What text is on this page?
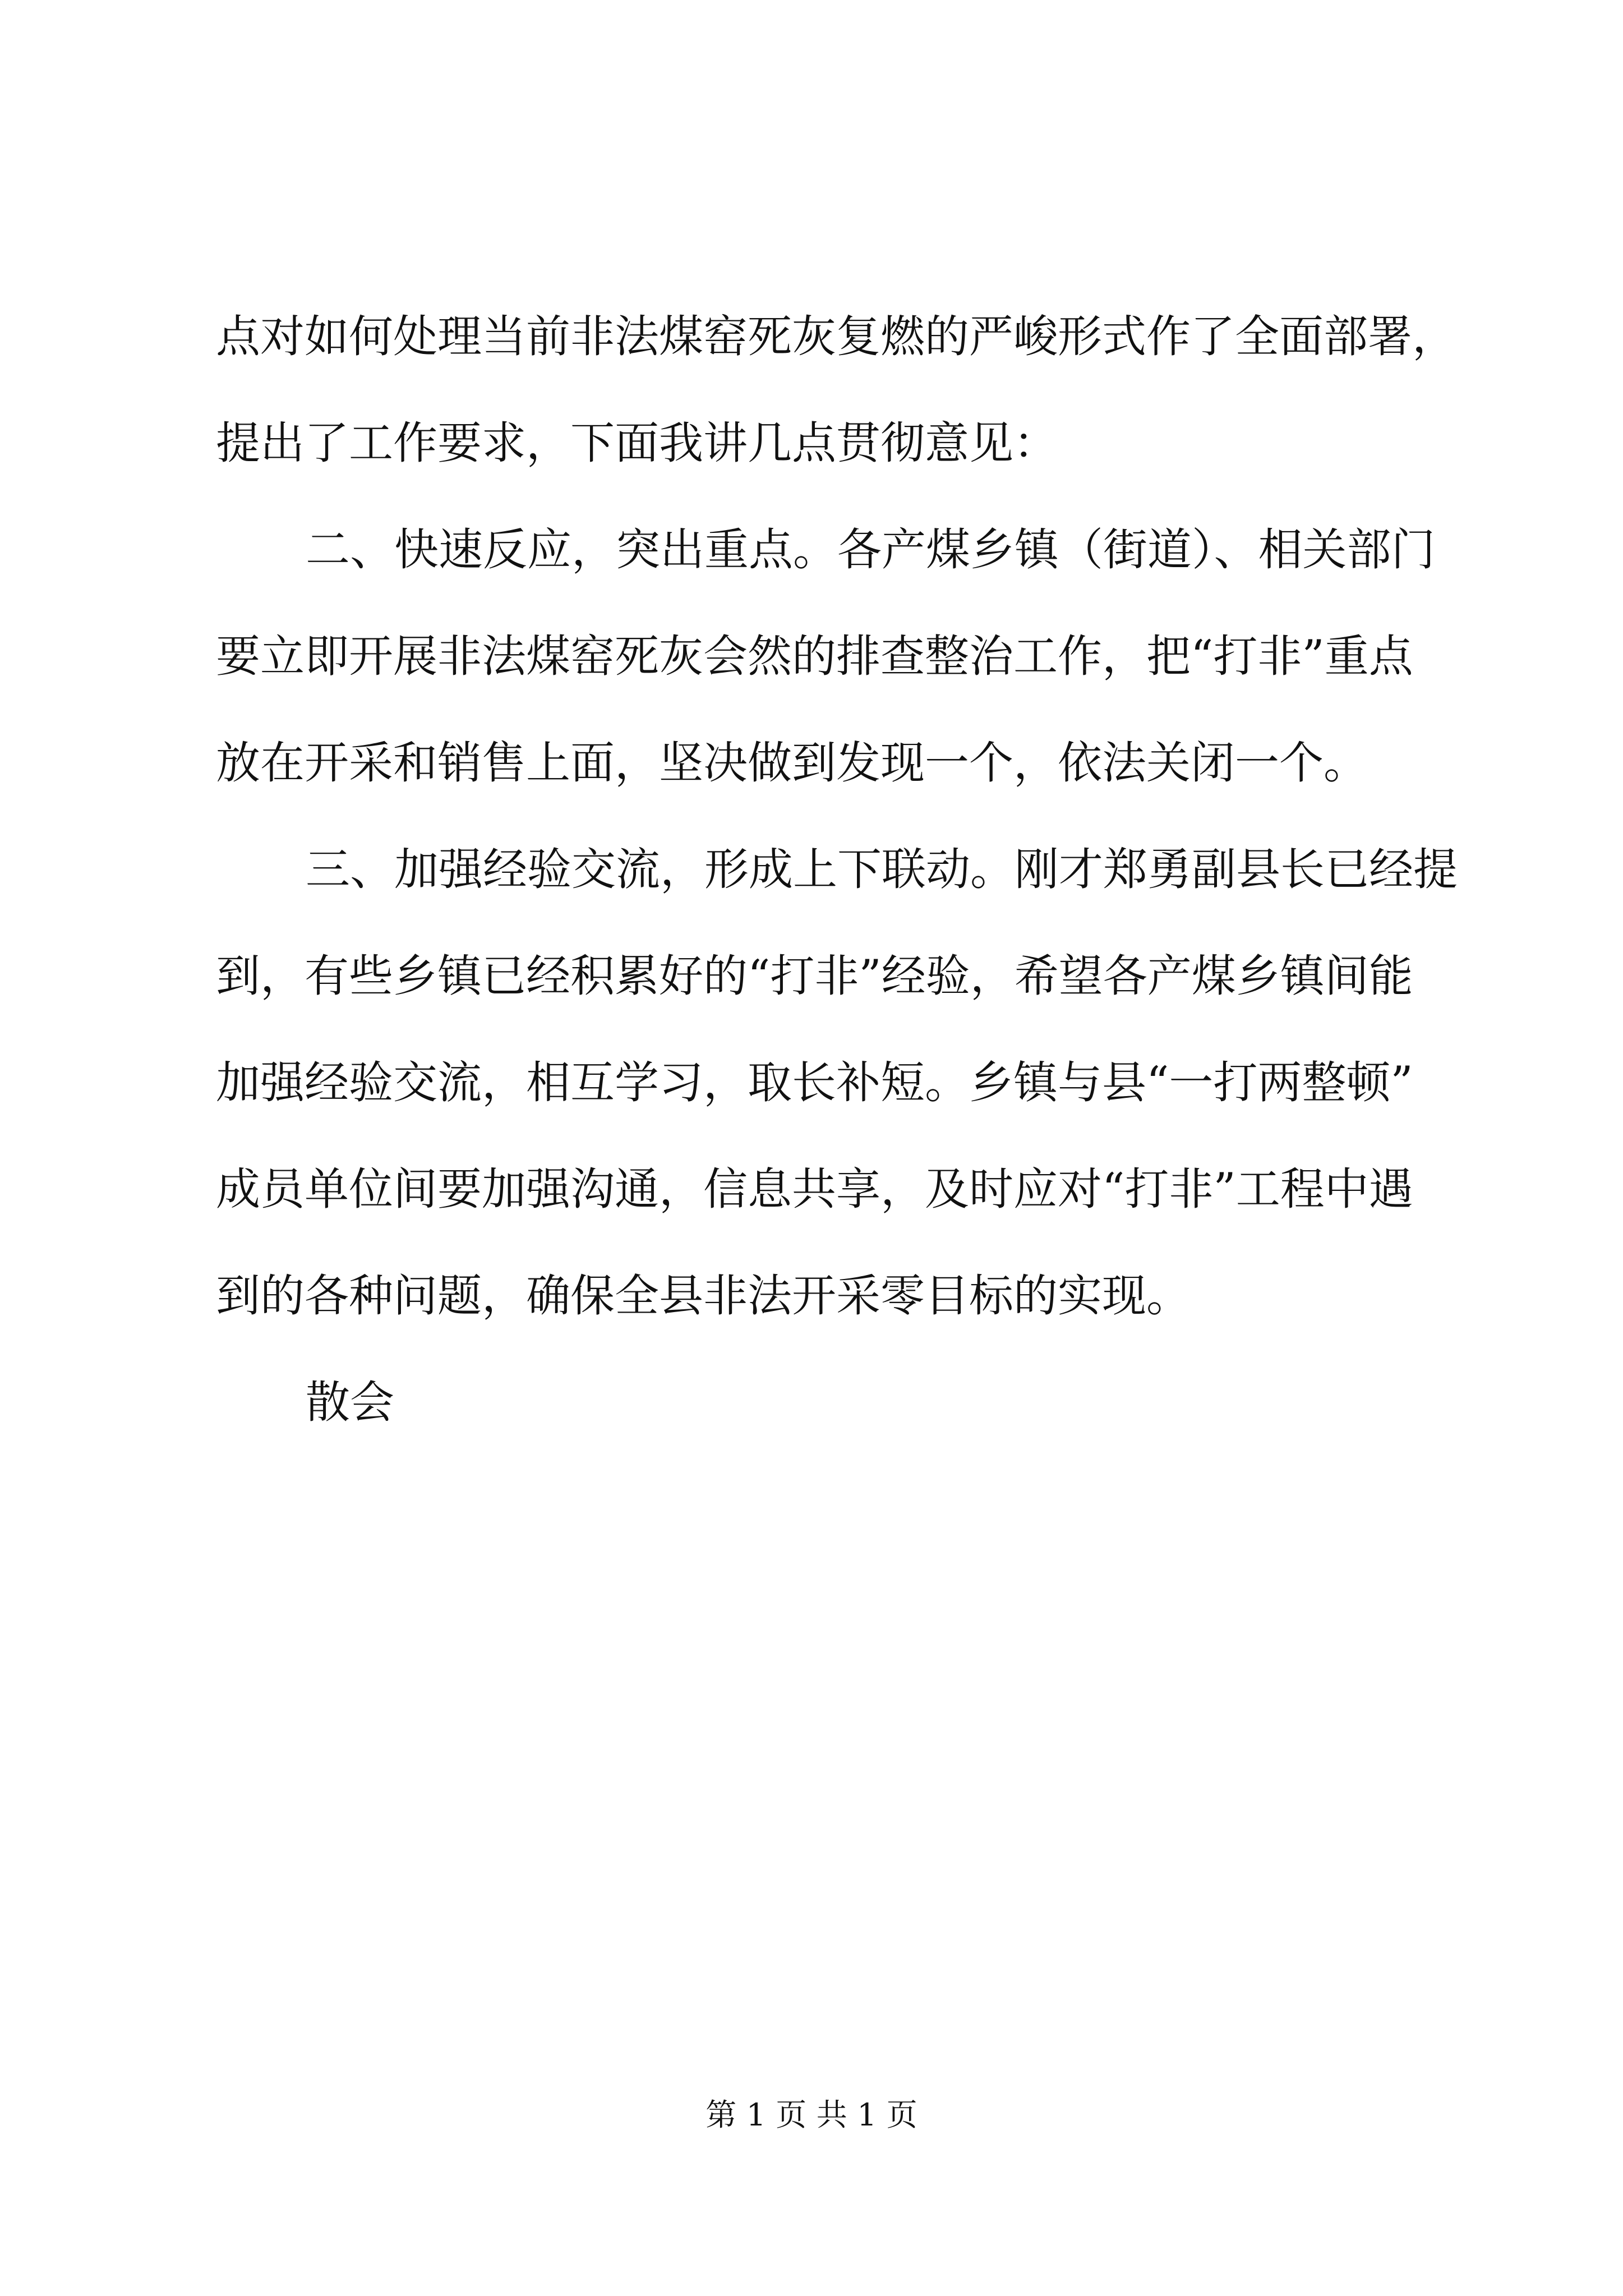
点对如何处理当前非法煤窑死灰复燃的严峻形式作了全面部署，
提出了工作要求，下面我讲几点贯彻意见：
二、快速反应，突出重点。各产煤乡镇（街道）、相关部门
要立即开展非法煤窑死灰会然的排查整治工作，把“打非”重点
放在开采和销售上面，坚决做到发现一个，依法关闭一个。
三、加强经验交流，形成上下联动。刚才郑勇副县长已经提
到，有些乡镇已经积累好的“打非”经验，希望各产煤乡镇间能
加强经验交流，相互学习，取长补短。乡镇与县“一打两整顿”
成员单位间要加强沟通，信息共享，及时应对“打非”工程中遇
到的各种问题，确保全县非法开采零目标的实现。
散会
第 1 页 共 1 页
